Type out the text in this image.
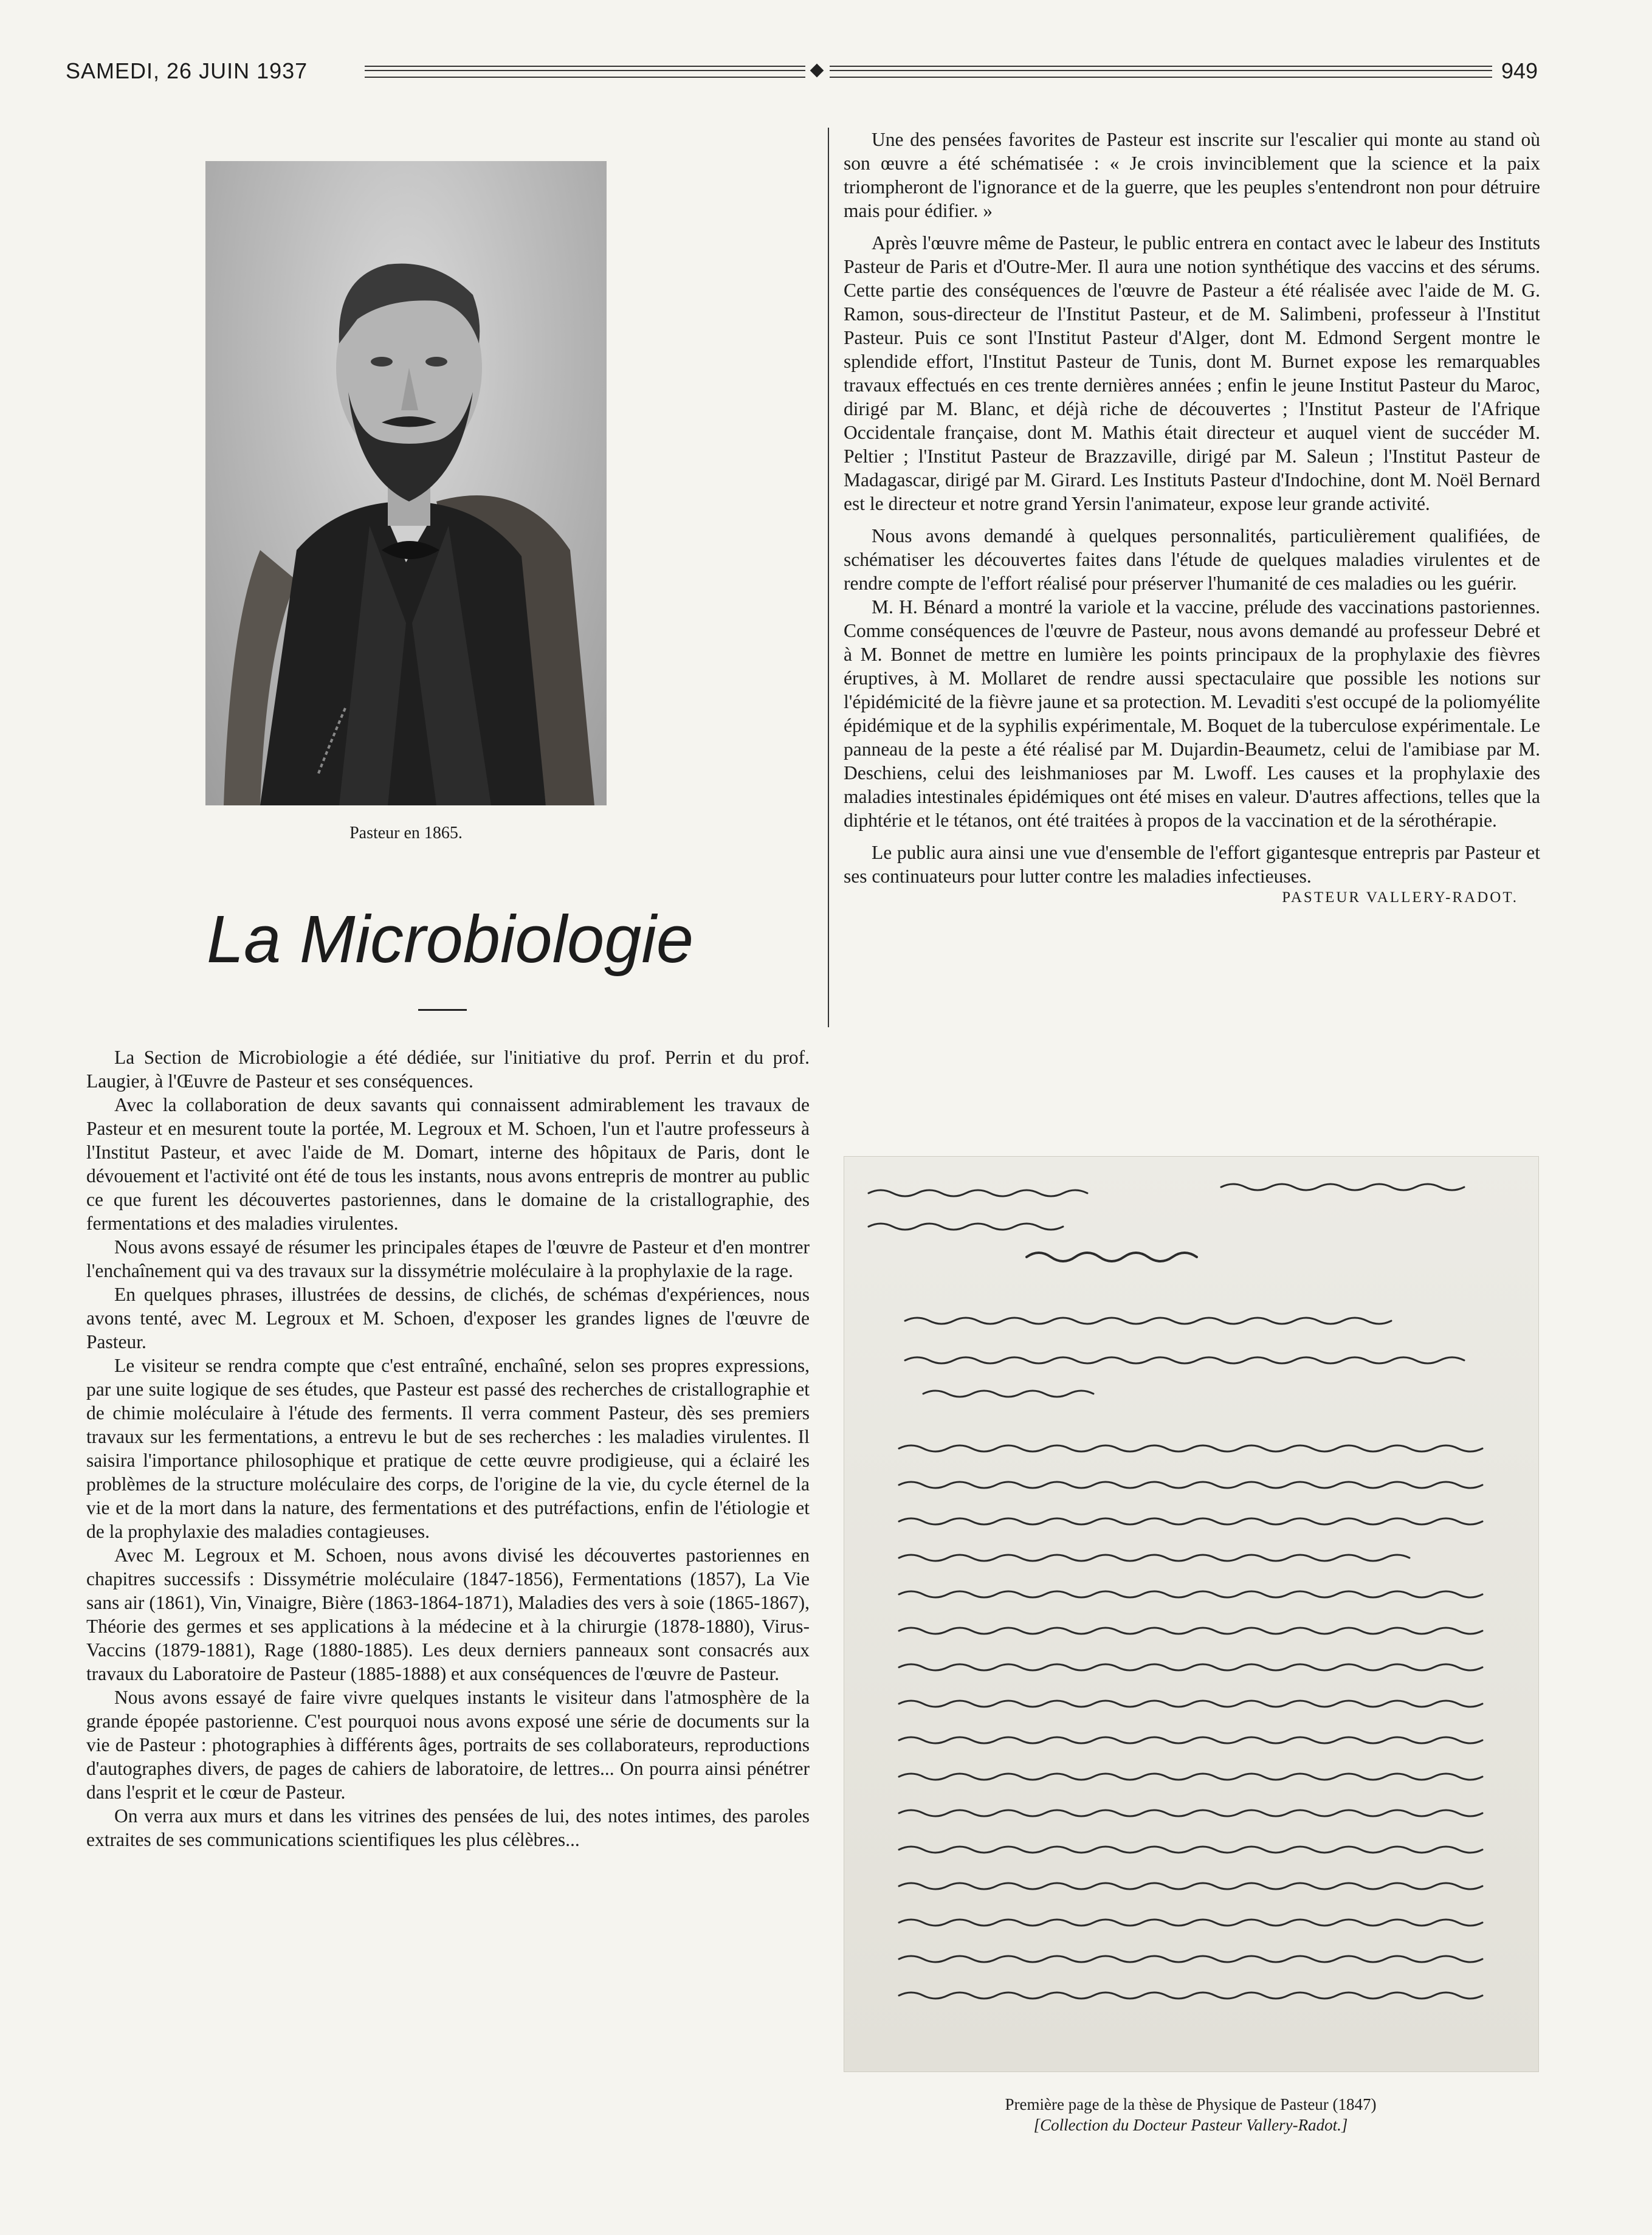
SAMEDI, 26 JUIN 1937	949
Pasteur en 1865.
La Microbiologie

La Section de Microbiologie a été dédiée, sur l'initiative du prof. Perrin et du prof. Laugier, à l'Œuvre de Pasteur et ses conséquences.

Avec la collaboration de deux savants qui connaissent admirablement les travaux de Pasteur et en mesurent toute la portée, M. Legroux et M. Schoen, l'un et l'autre professeurs à l'Institut Pasteur, et avec l'aide de M. Domart, interne des hôpitaux de Paris, dont le dévouement et l'activité ont été de tous les instants, nous avons entrepris de montrer au public ce que furent les découvertes pastoriennes, dans le domaine de la cristallographie, des fermentations et des maladies virulentes.

Nous avons essayé de résumer les principales étapes de l'œuvre de Pasteur et d'en montrer l'enchaînement qui va des travaux sur la dissymétrie moléculaire à la prophylaxie de la rage.

En quelques phrases, illustrées de dessins, de clichés, de schémas d'expériences, nous avons tenté, avec M. Legroux et M. Schoen, d'exposer les grandes lignes de l'œuvre de Pasteur.

Le visiteur se rendra compte que c'est entraîné, enchaîné, selon ses propres expressions, par une suite logique de ses études, que Pasteur est passé des recherches de cristallographie et de chimie moléculaire à l'étude des ferments. Il verra comment Pasteur, dès ses premiers travaux sur les fermentations, a entrevu le but de ses recherches : les maladies virulentes. Il saisira l'importance philosophique et pratique de cette œuvre prodigieuse, qui a éclairé les problèmes de la structure moléculaire des corps, de l'origine de la vie, du cycle éternel de la vie et de la mort dans la nature, des fermentations et des putréfactions, enfin de l'étiologie et de la prophylaxie des maladies contagieuses.

Avec M. Legroux et M. Schoen, nous avons divisé les découvertes pastoriennes en chapitres successifs : Dissymétrie moléculaire (1847-1856), Fermentations (1857), La Vie sans air (1861), Vin, Vinaigre, Bière (1863-1864-1871), Maladies des vers à soie (1865-1867), Théorie des germes et ses applications à la médecine et à la chirurgie (1878-1880), Virus-Vaccins (1879-1881), Rage (1880-1885). Les deux derniers panneaux sont consacrés aux travaux du Laboratoire de Pasteur (1885-1888) et aux conséquences de l'œuvre de Pasteur.

Nous avons essayé de faire vivre quelques instants le visiteur dans l'atmosphère de la grande épopée pastorienne. C'est pourquoi nous avons exposé une série de documents sur la vie de Pasteur : photographies à différents âges, portraits de ses collaborateurs, reproductions d'autographes divers, de pages de cahiers de laboratoire, de lettres... On pourra ainsi pénétrer dans l'esprit et le cœur de Pasteur.

On verra aux murs et dans les vitrines des pensées de lui, des notes intimes, des paroles extraites de ses communications scientifiques les plus célèbres...

Une des pensées favorites de Pasteur est inscrite sur l'escalier qui monte au stand où son œuvre a été schématisée : « Je crois invinciblement que la science et la paix triompheront de l'ignorance et de la guerre, que les peuples s'entendront non pour détruire mais pour édifier. »

Après l'œuvre même de Pasteur, le public entrera en contact avec le labeur des Instituts Pasteur de Paris et d'Outre-Mer. Il aura une notion synthétique des vaccins et des sérums. Cette partie des conséquences de l'œuvre de Pasteur a été réalisée avec l'aide de M. G. Ramon, sous-directeur de l'Institut Pasteur, et de M. Salimbeni, professeur à l'Institut Pasteur. Puis ce sont l'Institut Pasteur d'Alger, dont M. Edmond Sergent montre le splendide effort, l'Institut Pasteur de Tunis, dont M. Burnet expose les remarquables travaux effectués en ces trente dernières années ; enfin le jeune Institut Pasteur du Maroc, dirigé par M. Blanc, et déjà riche de découvertes ; l'Institut Pasteur de l'Afrique Occidentale française, dont M. Mathis était directeur et auquel vient de succéder M. Peltier ; l'Institut Pasteur de Brazzaville, dirigé par M. Saleun ; l'Institut Pasteur de Madagascar, dirigé par M. Girard. Les Instituts Pasteur d'Indochine, dont M. Noël Bernard est le directeur et notre grand Yersin l'animateur, expose leur grande activité.

Nous avons demandé à quelques personnalités, particulièrement qualifiées, de schématiser les découvertes faites dans l'étude de quelques maladies virulentes et de rendre compte de l'effort réalisé pour préserver l'humanité de ces maladies ou les guérir.

M. H. Bénard a montré la variole et la vaccine, prélude des vaccinations pastoriennes. Comme conséquences de l'œuvre de Pasteur, nous avons demandé au professeur Debré et à M. Bonnet de mettre en lumière les points principaux de la prophylaxie des fièvres éruptives, à M. Mollaret de rendre aussi spectaculaire que possible les notions sur l'épidémicité de la fièvre jaune et sa protection. M. Levaditi s'est occupé de la poliomyélite épidémique et de la syphilis expérimentale, M. Boquet de la tuberculose expérimentale. Le panneau de la peste a été réalisé par M. Dujardin-Beaumetz, celui de l'amibiase par M. Deschiens, celui des leishmanioses par M. Lwoff. Les causes et la prophylaxie des maladies intestinales épidémiques ont été mises en valeur. D'autres affections, telles que la diphtérie et le tétanos, ont été traitées à propos de la vaccination et de la sérothérapie.

Le public aura ainsi une vue d'ensemble de l'effort gigantesque entrepris par Pasteur et ses continuateurs pour lutter contre les maladies infectieuses.

PASTEUR VALLERY-RADOT.
Première page de la thèse de Physique de Pasteur (1847)
[Collection du Docteur Pasteur Vallery-Radot.]
